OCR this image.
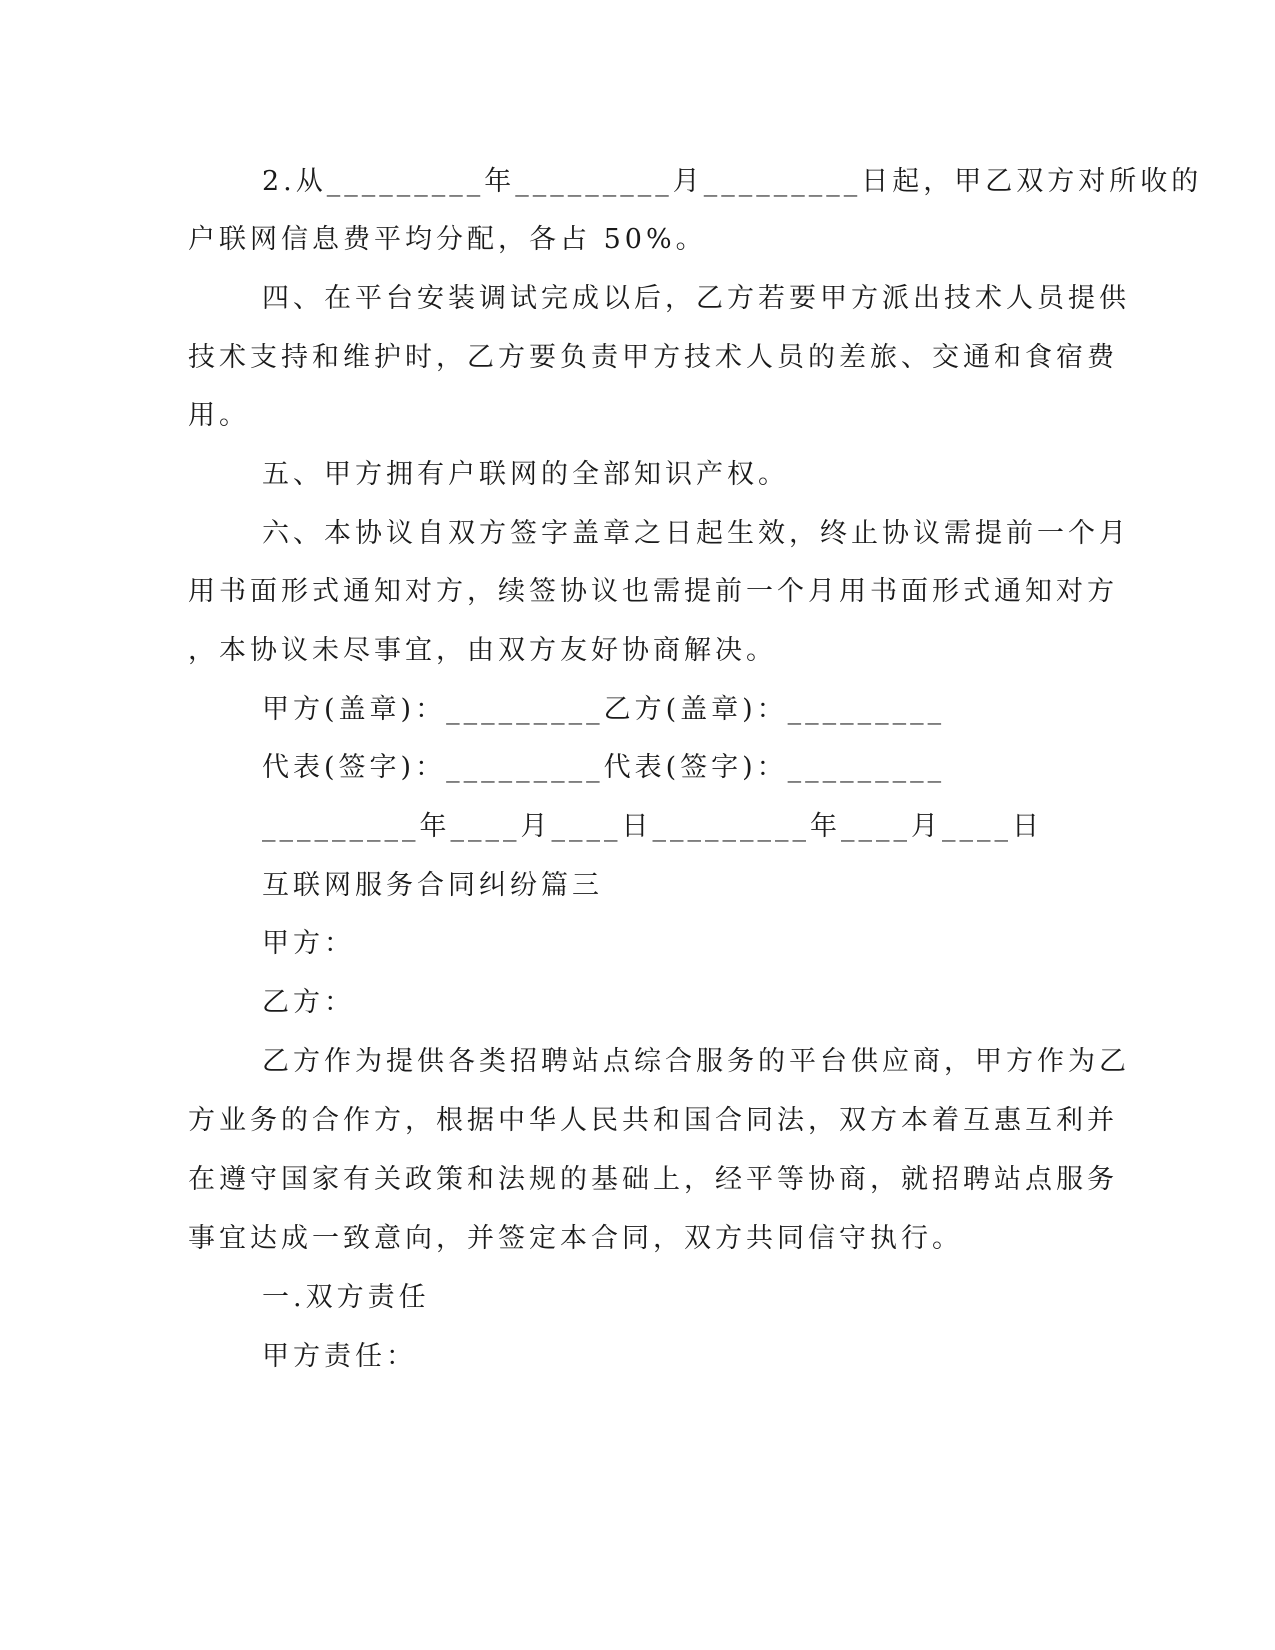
2.从_________年_________月_________日起，甲乙双方对所收的
户联网信息费平均分配，各占 50%。
四、在平台安装调试完成以后，乙方若要甲方派出技术人员提供
技术支持和维护时，乙方要负责甲方技术人员的差旅、交通和食宿费
用。
五、甲方拥有户联网的全部知识产权。
六、本协议自双方签字盖章之日起生效，终止协议需提前一个月
用书面形式通知对方，续签协议也需提前一个月用书面形式通知对方
，本协议未尽事宜，由双方友好协商解决。
甲方(盖章)：_________乙方(盖章)：_________
代表(签字)：_________代表(签字)：_________
_________年____月____日_________年____月____日
互联网服务合同纠纷篇三
甲方：
乙方：
乙方作为提供各类招聘站点综合服务的平台供应商，甲方作为乙
方业务的合作方，根据中华人民共和国合同法，双方本着互惠互利并
在遵守国家有关政策和法规的基础上，经平等协商，就招聘站点服务
事宜达成一致意向，并签定本合同，双方共同信守执行。
一.双方责任
甲方责任：
